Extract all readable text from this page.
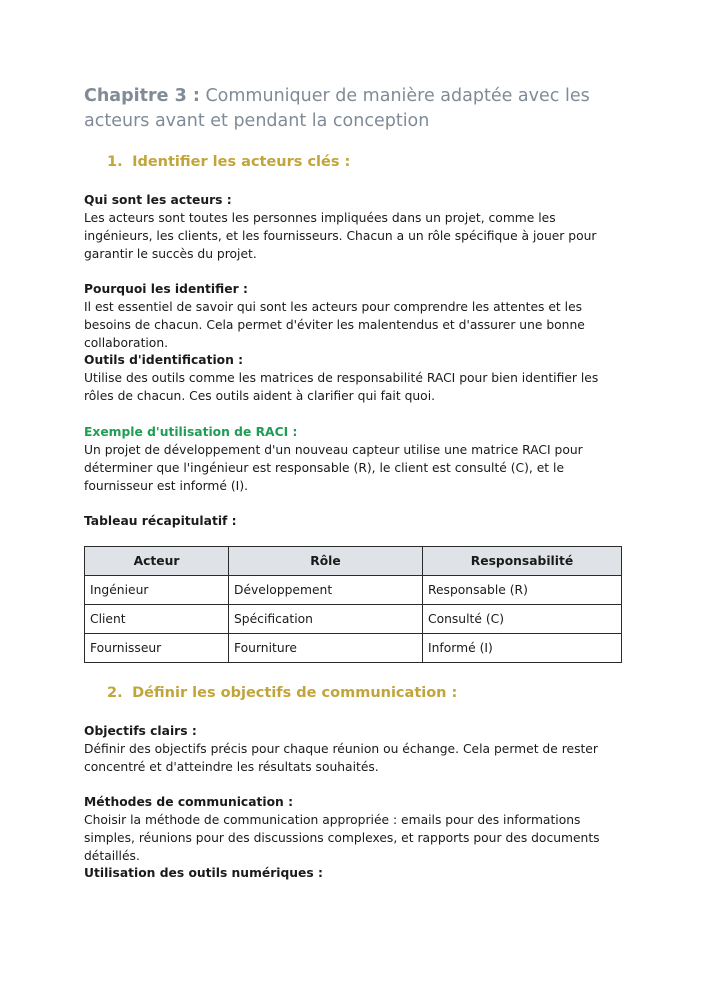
Chapitre 3 : Communiquer de manière adaptée avec les acteurs avant et pendant la conception
1. Identifier les acteurs clés :
Qui sont les acteurs :
Les acteurs sont toutes les personnes impliquées dans un projet, comme les ingénieurs, les clients, et les fournisseurs. Chacun a un rôle spécifique à jouer pour garantir le succès du projet.
Pourquoi les identifier :
Il est essentiel de savoir qui sont les acteurs pour comprendre les attentes et les besoins de chacun. Cela permet d'éviter les malentendus et d'assurer une bonne collaboration.
Outils d'identification :
Utilise des outils comme les matrices de responsabilité RACI pour bien identifier les rôles de chacun. Ces outils aident à clarifier qui fait quoi.
Exemple d'utilisation de RACI :
Un projet de développement d'un nouveau capteur utilise une matrice RACI pour déterminer que l'ingénieur est responsable (R), le client est consulté (C), et le fournisseur est informé (I).
Tableau récapitulatif :
Acteur	Rôle	Responsabilité
Ingénieur	Développement	Responsable (R)
Client	Spécification	Consulté (C)
Fournisseur	Fourniture	Informé (I)
2. Définir les objectifs de communication :
Objectifs clairs :
Définir des objectifs précis pour chaque réunion ou échange. Cela permet de rester concentré et d'atteindre les résultats souhaités.
Méthodes de communication :
Choisir la méthode de communication appropriée : emails pour des informations simples, réunions pour des discussions complexes, et rapports pour des documents détaillés.
Utilisation des outils numériques :
